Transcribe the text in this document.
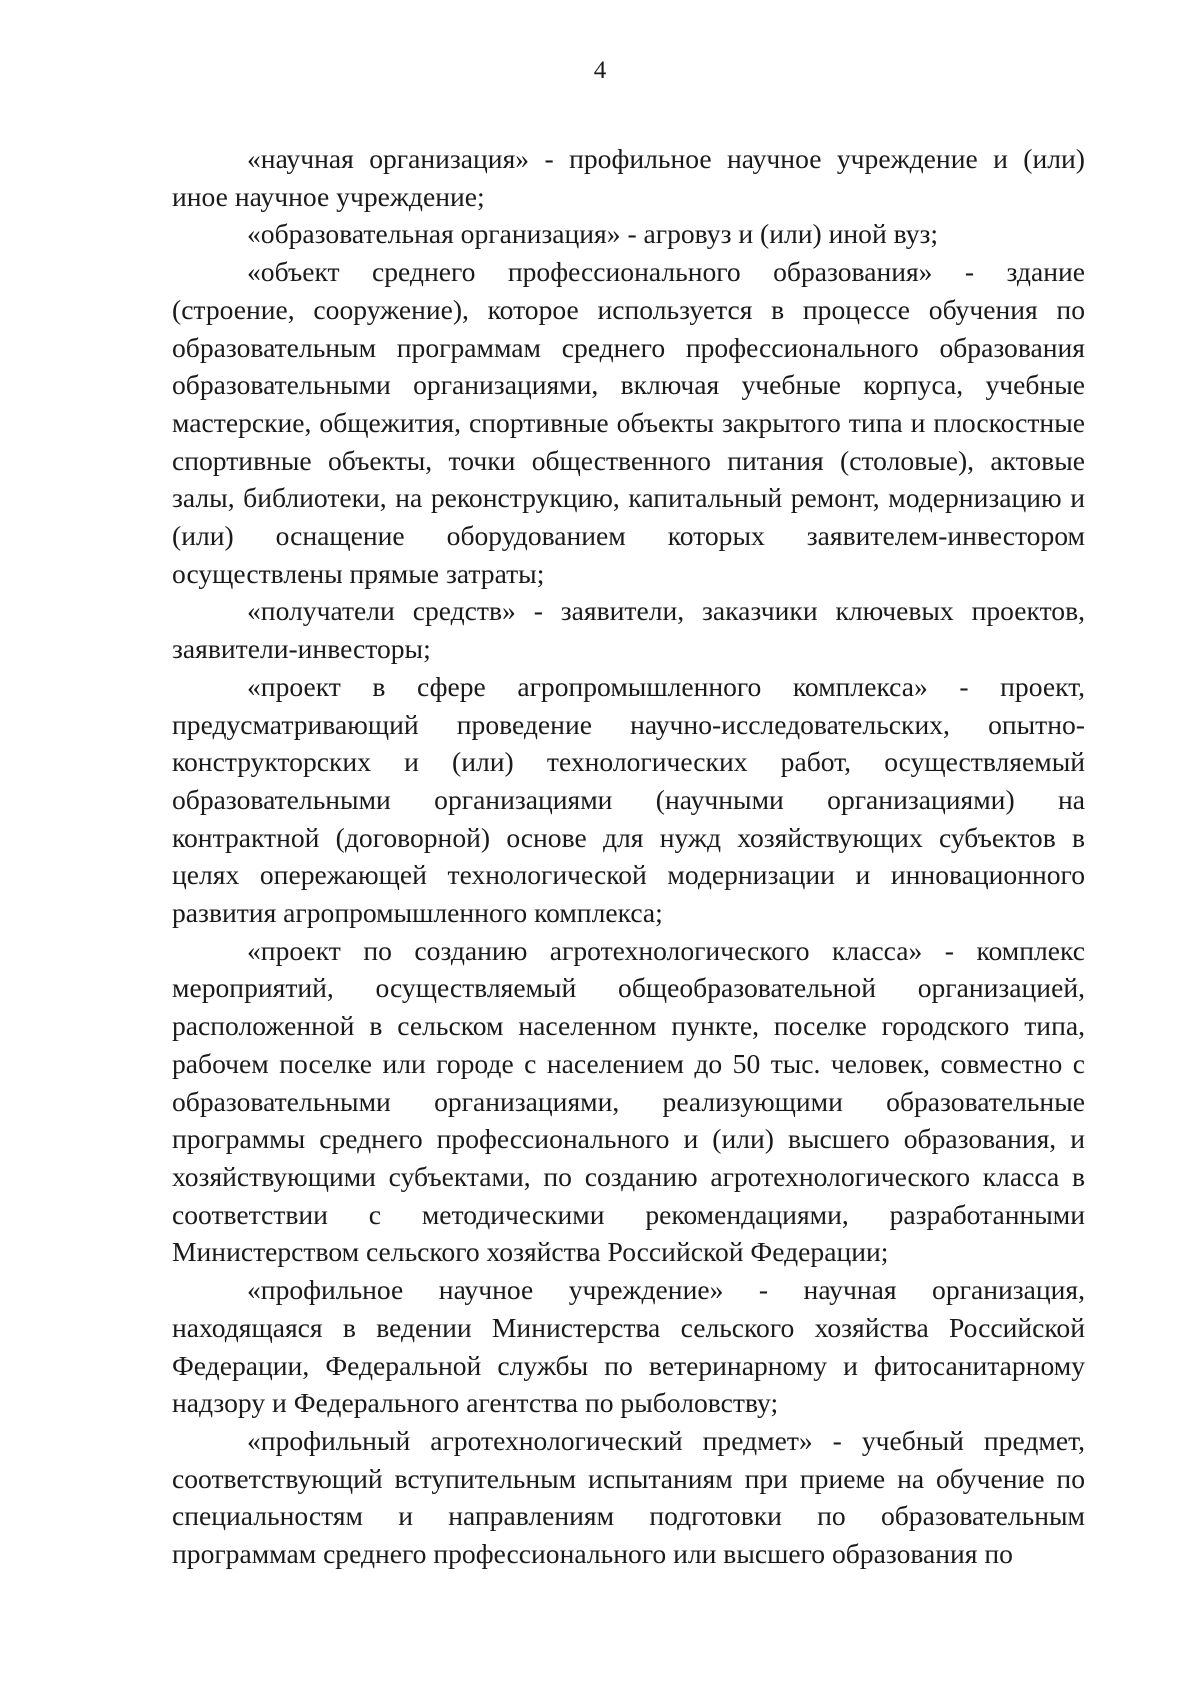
4

«научная организация» - профильное научное учреждение и (или) иное научное учреждение;

«образовательная организация» - агровуз и (или) иной вуз;

«объект среднего профессионального образования» - здание (строение, сооружение), которое используется в процессе обучения по образовательным программам среднего профессионального образования образовательными организациями, включая учебные корпуса, учебные мастерские, общежития, спортивные объекты закрытого типа и плоскостные спортивные объекты, точки общественного питания (столовые), актовые залы, библиотеки, на реконструкцию, капитальный ремонт, модернизацию и (или) оснащение оборудованием которых заявителем-инвестором осуществлены прямые затраты;

«получатели средств» - заявители, заказчики ключевых проектов, заявители-инвесторы;

«проект в сфере агропромышленного комплекса» - проект, предусматривающий проведение научно-исследовательских, опытно-конструкторских и (или) технологических работ, осуществляемый образовательными организациями (научными организациями) на контрактной (договорной) основе для нужд хозяйствующих субъектов в целях опережающей технологической модернизации и инновационного развития агропромышленного комплекса;

«проект по созданию агротехнологического класса» - комплекс мероприятий, осуществляемый общеобразовательной организацией, расположенной в сельском населенном пункте, поселке городского типа, рабочем поселке или городе с населением до 50 тыс. человек, совместно с образовательными организациями, реализующими образовательные программы среднего профессионального и (или) высшего образования, и хозяйствующими субъектами, по созданию агротехнологического класса в соответствии с методическими рекомендациями, разработанными Министерством сельского хозяйства Российской Федерации;

«профильное научное учреждение» - научная организация, находящаяся в ведении Министерства сельского хозяйства Российской Федерации, Федеральной службы по ветеринарному и фитосанитарному надзору и Федерального агентства по рыболовству;

«профильный агротехнологический предмет» - учебный предмет, соответствующий вступительным испытаниям при приеме на обучение по специальностям и направлениям подготовки по образовательным программам среднего профессионального или высшего образования по
